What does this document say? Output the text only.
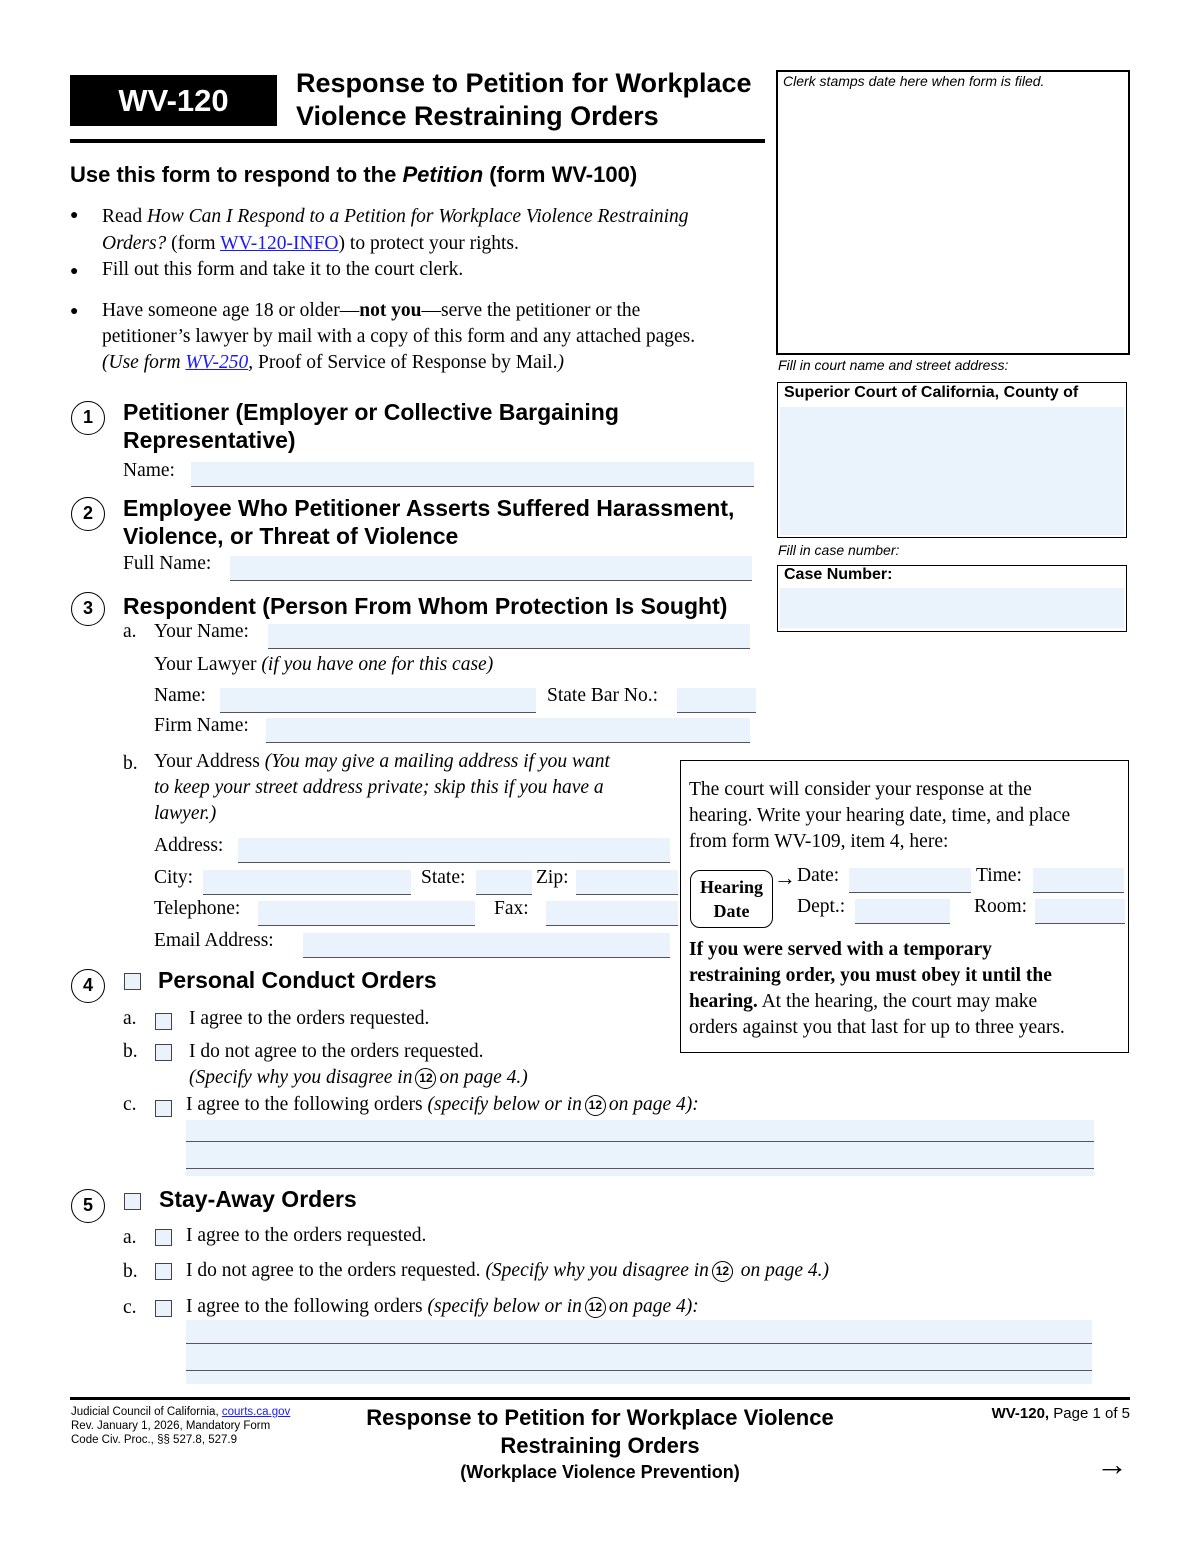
WV-120	Response to Petition for Workplace
Violence Restraining Orders
Clerk stamps date here when form is filed.
Fill in court name and street address:
Superior Court of California, County of
Fill in case number:
Case Number:
Use this form to respond to the Petition (form WV-100)
● Read How Can I Respond to a Petition for Workplace Violence Restraining
Orders? (form WV-120-INFO) to protect your rights.
● Fill out this form and take it to the court clerk.
● Have someone age 18 or older—not you—serve the petitioner or the
petitioner’s lawyer by mail with a copy of this form and any attached pages.
(Use form WV-250, Proof of Service of Response by Mail.)
1	Petitioner (Employer or Collective Bargaining
Representative)
Name:
2	Employee Who Petitioner Asserts Suffered Harassment,
Violence, or Threat of Violence
Full Name:
3	Respondent (Person From Whom Protection Is Sought)
a. Your Name:
Your Lawyer (if you have one for this case)
Name:	State Bar No.:
Firm Name:
b. Your Address (You may give a mailing address if you want
to keep your street address private; skip this if you have a
lawyer.)
Address:
City:	State:	Zip:
Telephone:	Fax:
Email Address:
The court will consider your response at the
hearing. Write your hearing date, time, and place
from form WV-109, item 4, here:
Hearing
Date
→ Date:	Time:
Dept.:	Room:
If you were served with a temporary
restraining order, you must obey it until the
hearing. At the hearing, the court may make
orders against you that last for up to three years.
4	Personal Conduct Orders
a.	I agree to the orders requested.
b.	I do not agree to the orders requested.
(Specify why you disagree in 12 on page 4.)
c.	I agree to the following orders (specify below or in 12 on page 4):
5	Stay-Away Orders
a.	I agree to the orders requested.
b. I do not agree to the orders requested. (Specify why you disagree in 12 on page 4.)
c.	I agree to the following orders (specify below or in 12 on page 4):
Judicial Council of California, courts.ca.gov
Rev. January 1, 2026, Mandatory Form
Code Civ. Proc., §§ 527.8, 527.9
Response to Petition for Workplace Violence
Restraining Orders
(Workplace Violence Prevention)
WV-120, Page 1 of 5
→
